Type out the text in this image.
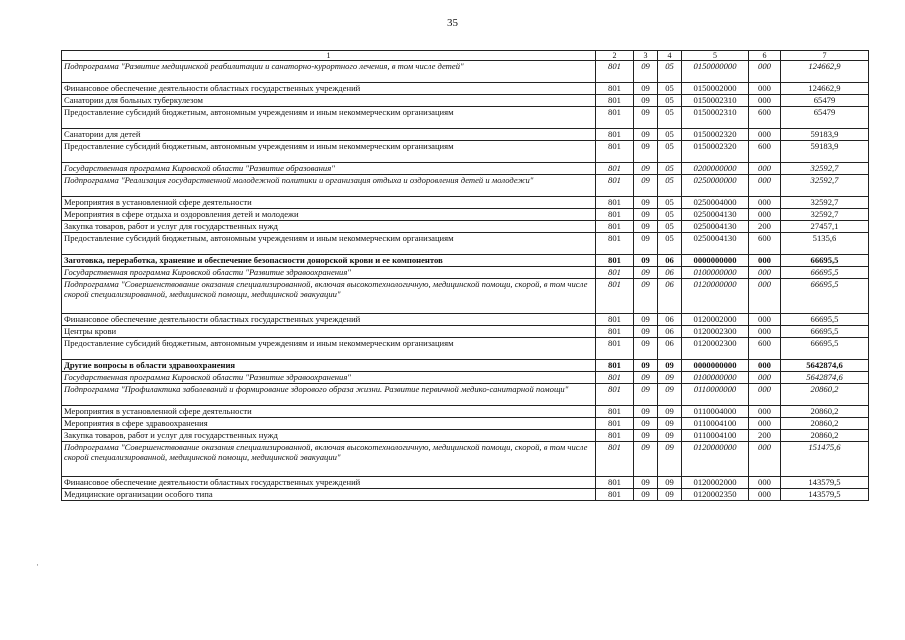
35
1	2	3	4	5	6	7
Подпрограмма "Развитие медицинской реабилитации и санаторно-курортного лечения, в том числе детей"	801	09	05	0150000000	000	124662,9
Финансовое обеспечение деятельности областных государственных учреждений	801	09	05	0150002000	000	124662,9
Санатории для больных туберкулезом	801	09	05	0150002310	000	65479
Предоставление субсидий бюджетным, автономным учреждениям и иным некоммерческим организациям	801	09	05	0150002310	600	65479
Санатории для детей	801	09	05	0150002320	000	59183,9
Предоставление субсидий бюджетным, автономным учреждениям и иным некоммерческим организациям	801	09	05	0150002320	600	59183,9
Государственная программа Кировской области "Развитие образования"	801	09	05	0200000000	000	32592,7
Подпрограмма "Реализация государственной молодежной политики и организация отдыха и оздоровления детей и молодежи"	801	09	05	0250000000	000	32592,7
Мероприятия в установленной сфере деятельности	801	09	05	0250004000	000	32592,7
Мероприятия в сфере отдыха и оздоровления детей и молодежи	801	09	05	0250004130	000	32592,7
Закупка товаров, работ и услуг для государственных нужд	801	09	05	0250004130	200	27457,1
Предоставление субсидий бюджетным, автономным учреждениям и иным некоммерческим организациям	801	09	05	0250004130	600	5135,6
Заготовка, переработка, хранение и обеспечение безопасности донорской крови и ее компонентов	801	09	06	0000000000	000	66695,5
Государственная программа Кировской области "Развитие здравоохранения"	801	09	06	0100000000	000	66695,5
Подпрограмма "Совершенствование оказания специализированной, включая высокотехнологичную, медицинской помощи, скорой, в том числе скорой специализированной, медицинской помощи, медицинской эвакуации"	801	09	06	0120000000	000	66695,5
Финансовое обеспечение деятельности областных государственных учреждений	801	09	06	0120002000	000	66695,5
Центры крови	801	09	06	0120002300	000	66695,5
Предоставление субсидий бюджетным, автономным учреждениям и иным некоммерческим организациям	801	09	06	0120002300	600	66695,5
Другие вопросы в области здравоохранения	801	09	09	0000000000	000	5642874,6
Государственная программа Кировской области "Развитие здравоохранения"	801	09	09	0100000000	000	5642874,6
Подпрограмма "Профилактика заболеваний и формирование здорового образа жизни. Развитие первичной медико-санитарной помощи"	801	09	09	0110000000	000	20860,2
Мероприятия в установленной сфере деятельности	801	09	09	0110004000	000	20860,2
Мероприятия в сфере здравоохранения	801	09	09	0110004100	000	20860,2
Закупка товаров, работ и услуг для государственных нужд	801	09	09	0110004100	200	20860,2
Подпрограмма "Совершенствование оказания специализированной, включая высокотехнологичную, медицинской помощи, скорой, в том числе скорой специализированной, медицинской помощи, медицинской эвакуации"	801	09	09	0120000000	000	151475,6
Финансовое обеспечение деятельности областных государственных учреждений	801	09	09	0120002000	000	143579,5
Медицинские организации особого типа	801	09	09	0120002350	000	143579,5
·
